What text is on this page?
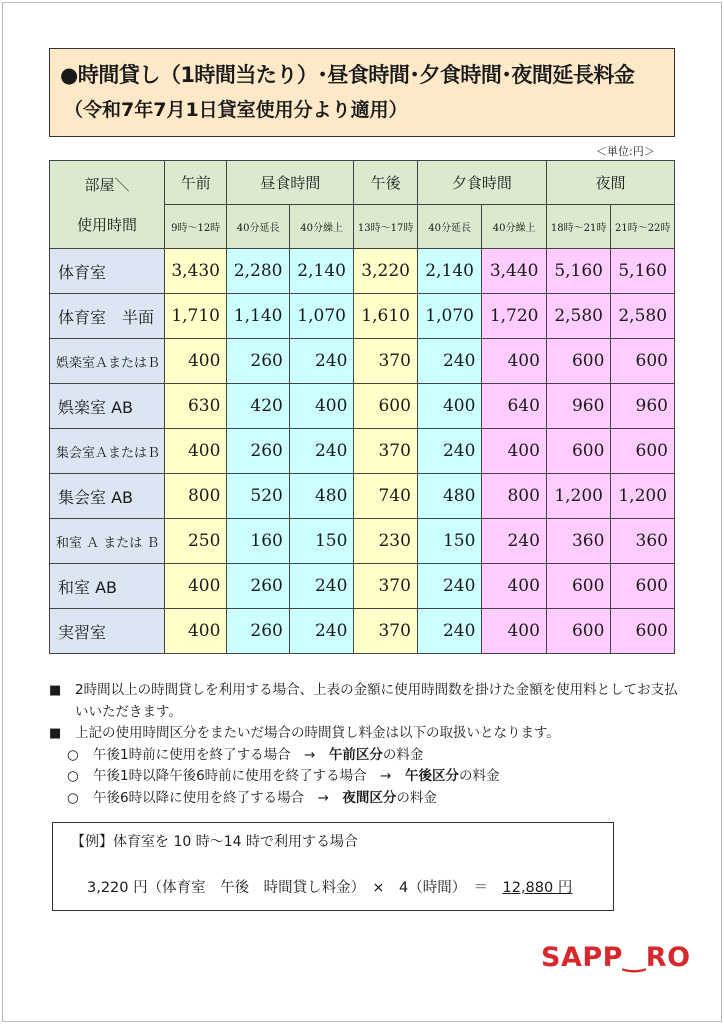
●時間貸し（1時間当たり）･昼食時間･夕食時間･夜間延長料金
（令和7年7月1日貸室使用分より適用）
＜単位:円＞
部屋＼
使用時間	午前	昼食時間		午後	夕食時間		夜間	
	9時～12時	40分延長	40分繰上	13時～17時	40分延長	40分繰上	18時～21時	21時～22時
体育室	3,430	2,280	2,140	3,220	2,140	3,440	5,160	5,160
体育室　半面	1,710	1,140	1,070	1,610	1,070	1,720	2,580	2,580
娯楽室ＡまたはＢ	400	260	240	370	240	400	600	600
娯楽室 AB	630	420	400	600	400	640	960	960
集会室ＡまたはＢ	400	260	240	370	240	400	600	600
集会室 AB	800	520	480	740	480	800	1,200	1,200
和室 Ａ または Ｂ	250	160	150	230	150	240	360	360
和室 AB	400	260	240	370	240	400	600	600
実習室	400	260	240	370	240	400	600	600
■ 2時間以上の時間貸しを利用する場合、上表の金額に使用時間数を掛けた金額を使用料としてお支払いいただきます。
■ 上記の使用時間区分をまたいだ場合の時間貸し料金は以下の取扱いとなります。
○ 午後1時前に使用を終了する場合　→　午前区分の料金
○ 午後1時以降午後6時前に使用を終了する場合　→　午後区分の料金
○ 午後6時以降に使用を終了する場合　→　夜間区分の料金
【例】体育室を 10 時～14 時で利用する場合
3,220 円（体育室　午後　時間貸し料金）　×　4（時間）　＝　12,880 円
SAPP‿RO
